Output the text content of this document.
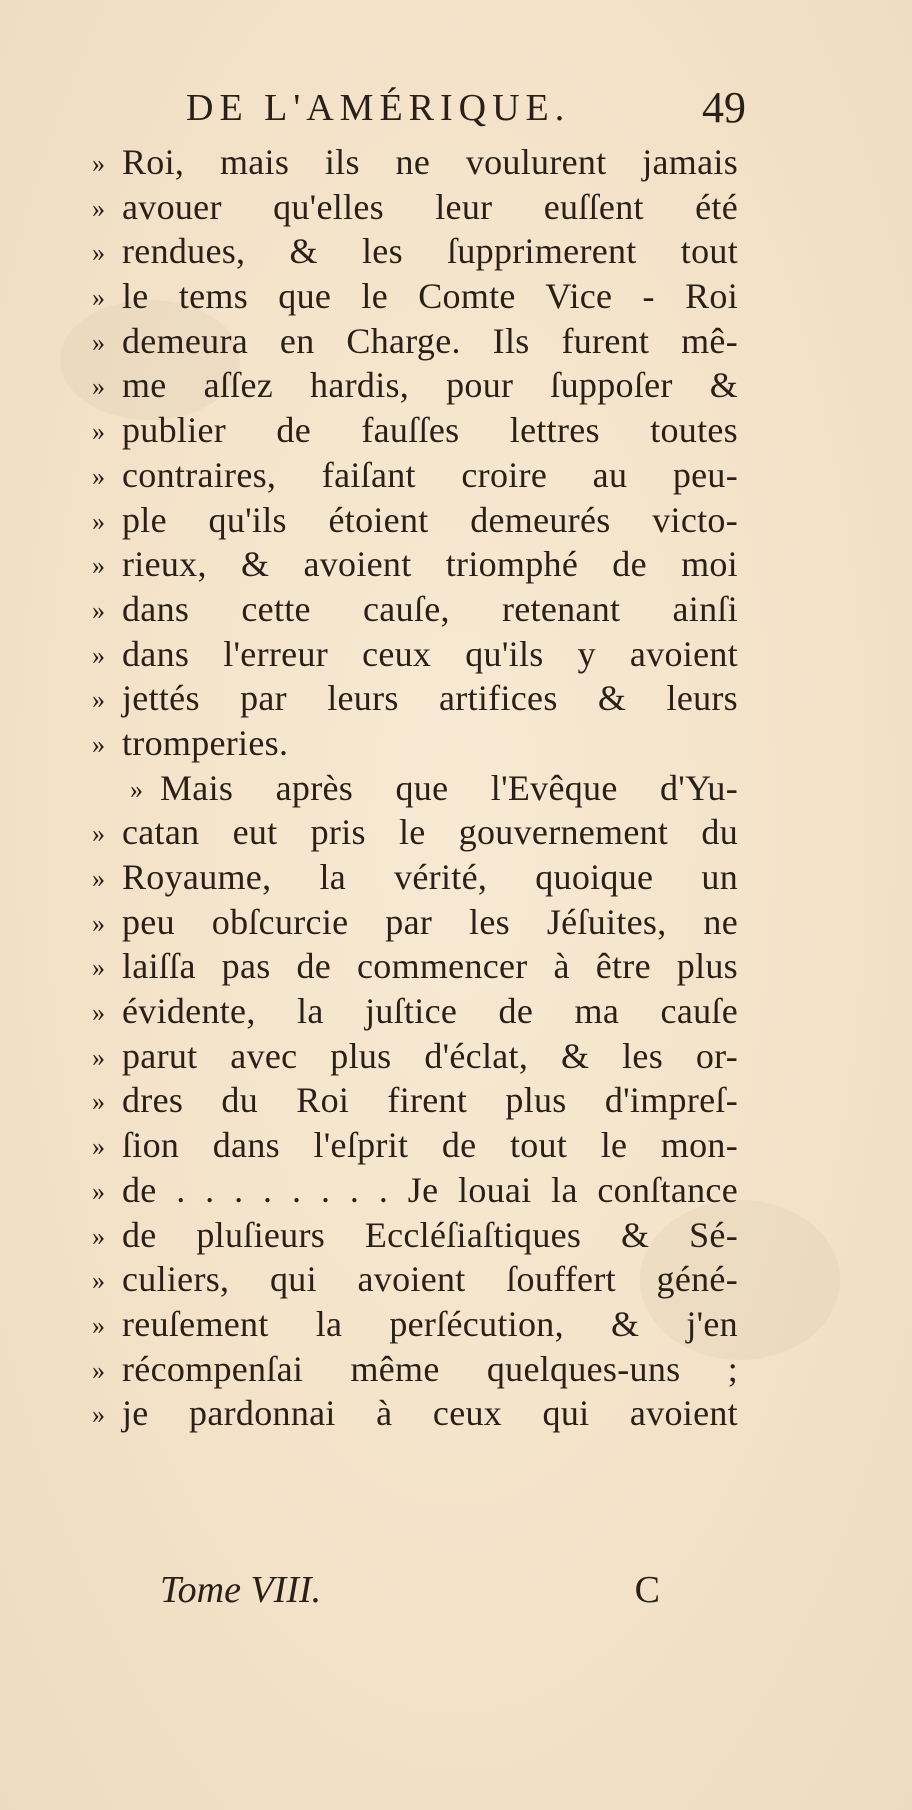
DE L'AMÉRIQUE.	49
» Roi, mais ils ne voulurent jamais
» avouer qu'elles leur euſſent été
» rendues, & les ſupprimerent tout
» le tems que le Comte Vice - Roi
» demeura en Charge. Ils furent mê-
» me aſſez hardis, pour ſuppoſer &
» publier de fauſſes lettres toutes
» contraires, faiſant croire au peu-
» ple qu'ils étoient demeurés victo-
» rieux, & avoient triomphé de moi
» dans cette cauſe, retenant ainſi
» dans l'erreur ceux qu'ils y avoient
» jettés par leurs artifices & leurs
» tromperies.
» Mais après que l'Evêque d'Yu-
» catan eut pris le gouvernement du
» Royaume, la vérité, quoique un
» peu obſcurcie par les Jéſuites, ne
» laiſſa pas de commencer à être plus
» évidente, la juſtice de ma cauſe
» parut avec plus d'éclat, & les or-
» dres du Roi firent plus d'impreſ-
» ſion dans l'eſprit de tout le mon-
» de . . . . . . . . Je louai la conſtance
» de pluſieurs Eccléſiaſtiques & Sé-
» culiers, qui avoient ſouffert géné-
» reuſement la perſécution, & j'en
» récompenſai même quelques-uns ;
» je pardonnai à ceux qui avoient
Tome VIII.	C
